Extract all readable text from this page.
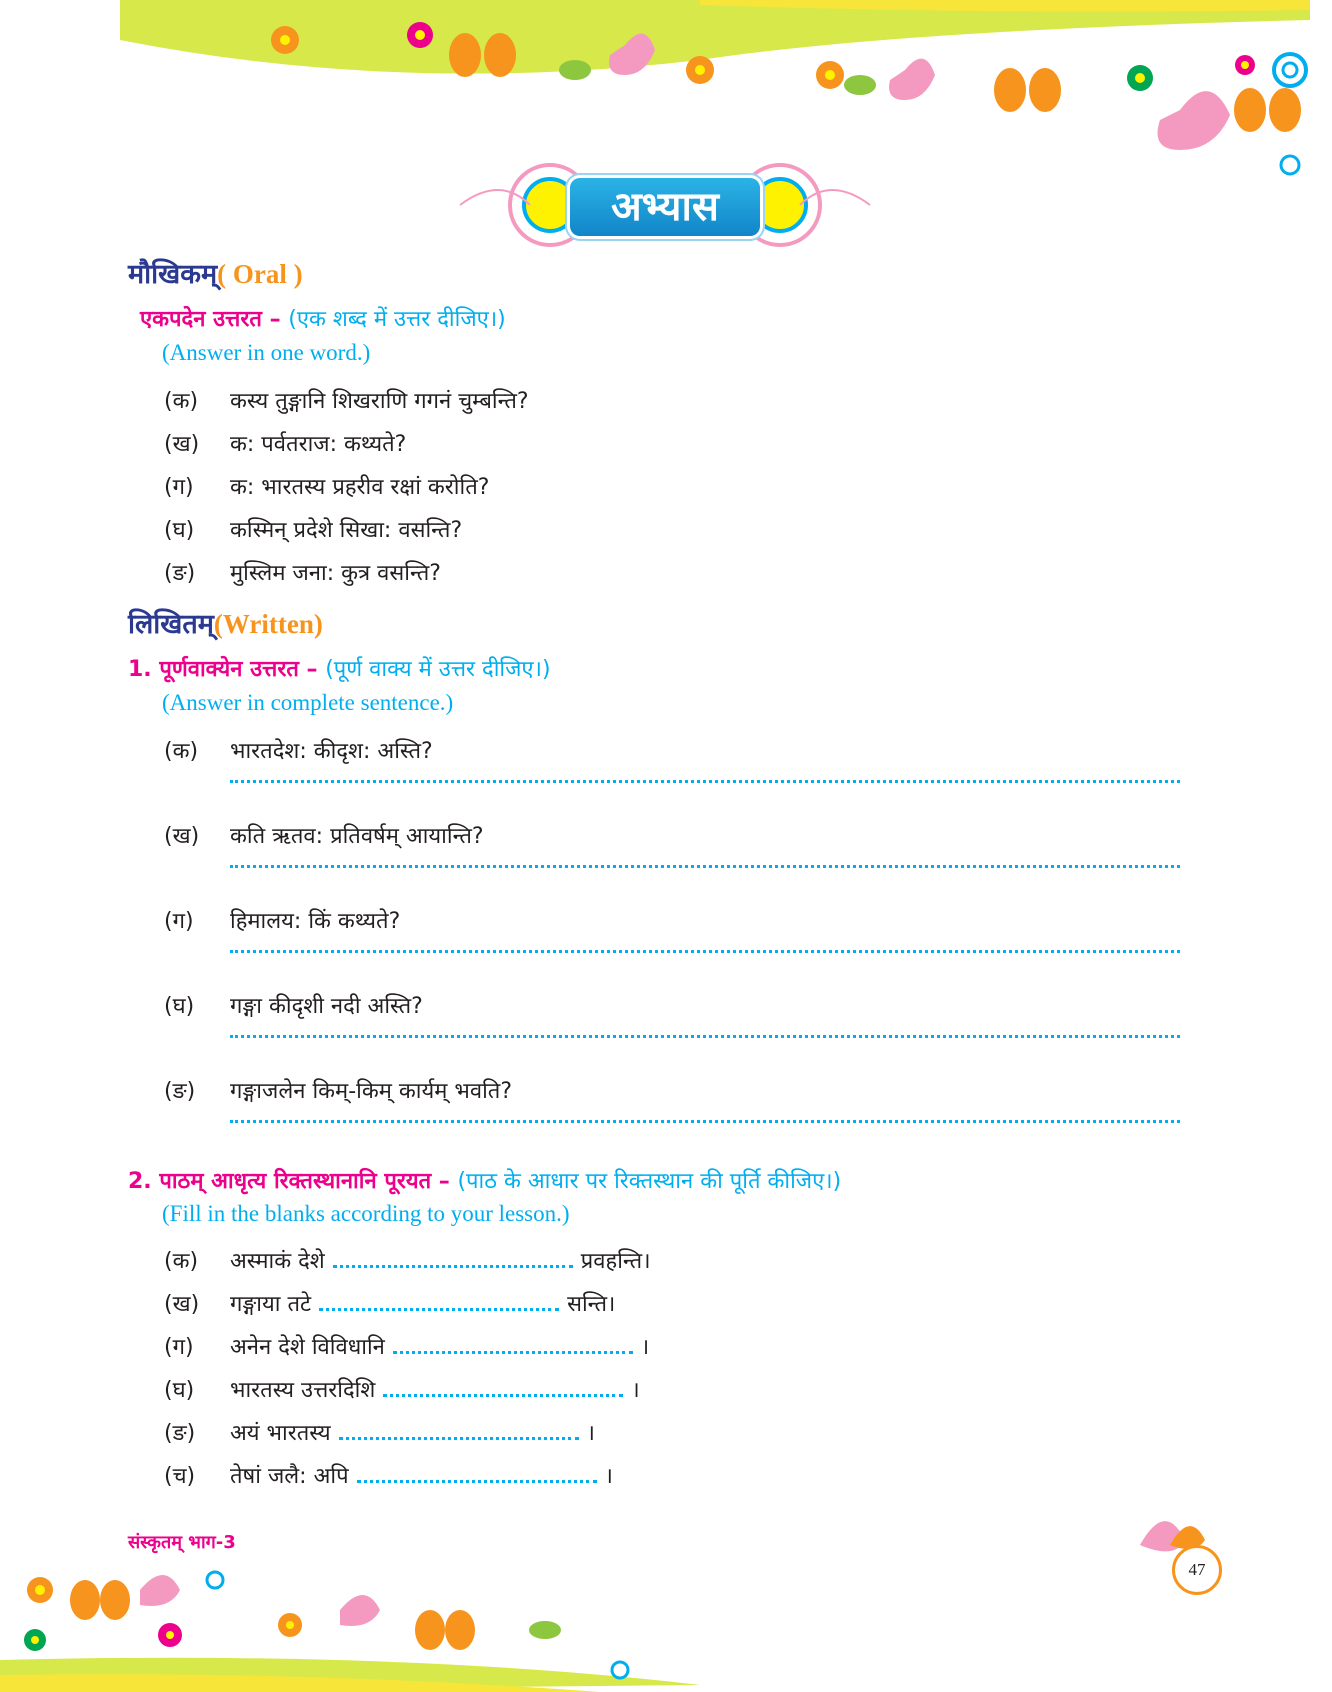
अभ्यास
मौखिकम्( Oral )
एकपदेन उत्तरत – (एक शब्द में उत्तर दीजिए।)
(Answer in one word.)
(क) कस्य तुङ्गानि शिखराणि गगनं चुम्बन्ति?
(ख) क: पर्वतराज: कथ्यते?
(ग) क: भारतस्य प्रहरीव रक्षां करोति?
(घ) कस्मिन् प्रदेशे सिखा: वसन्ति?
(ङ) मुस्लिम जना: कुत्र वसन्ति?
लिखितम्(Written)
1. पूर्णवाक्येन उत्तरत – (पूर्ण वाक्य में उत्तर दीजिए।)
(Answer in complete sentence.)
(क) भारतदेश: कीदृश: अस्ति?
(ख) कति ऋतव: प्रतिवर्षम् आयान्ति?
(ग) हिमालय: किं कथ्यते?
(घ) गङ्गा कीदृशी नदी अस्ति?
(ङ) गङ्गाजलेन किम्-किम् कार्यम् भवति?
2. पाठम् आधृत्य रिक्तस्थानानि पूरयत – (पाठ के आधार पर रिक्तस्थान की पूर्ति कीजिए।)
(Fill in the blanks according to your lesson.)
(क) अस्माकं देशे	प्रवहन्ति।
(ख) गङ्गाया तटे	सन्ति।
(ग) अनेन देशे विविधानि	।
(घ) भारतस्य उत्तरदिशि	।
(ङ) अयं भारतस्य	।
(च) तेषां जलै: अपि	।
संस्कृतम् भाग-3
47
